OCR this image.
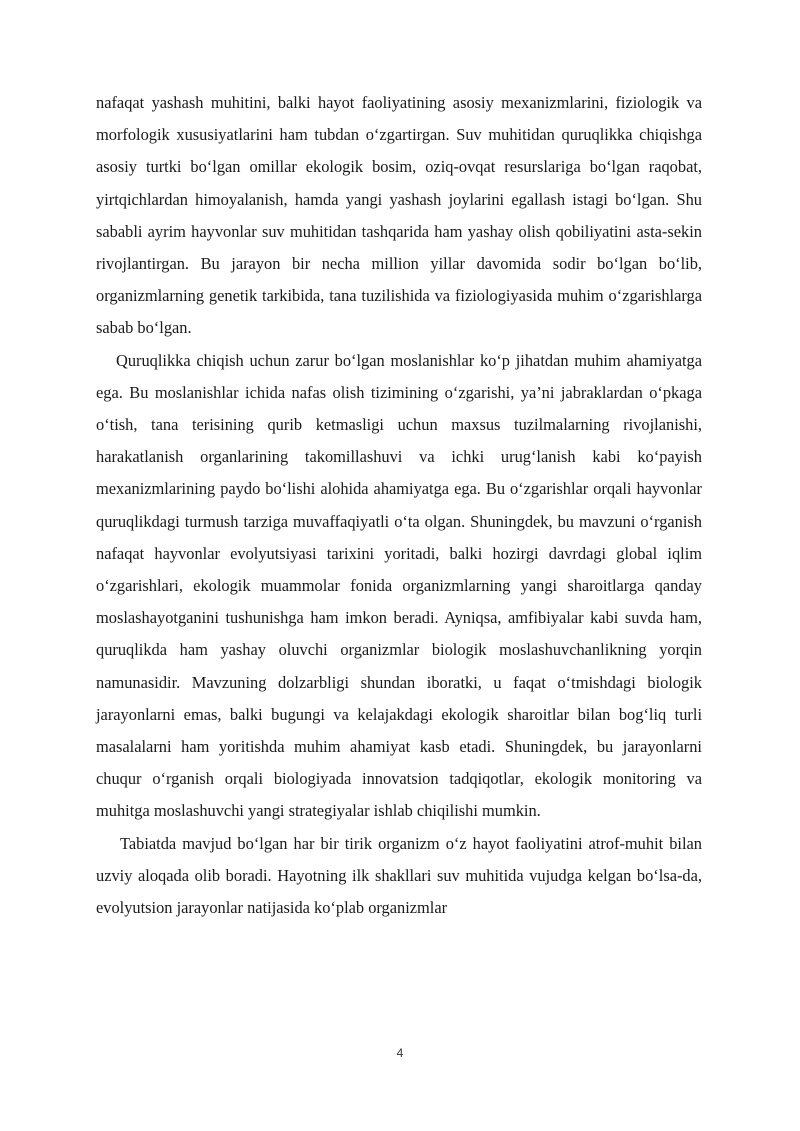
nafaqat yashash muhitini, balki hayot faoliyatining asosiy mexanizmlarini, fiziologik va morfologik xususiyatlarini ham tubdan o‘zgartirgan. Suv muhitidan quruqlikka chiqishga asosiy turtki bo‘lgan omillar ekologik bosim, oziq-ovqat resurslariga bo‘lgan raqobat, yirtqichlardan himoyalanish, hamda yangi yashash joylarini egallash istagi bo‘lgan. Shu sababli ayrim hayvonlar suv muhitidan tashqarida ham yashay olish qobiliyatini asta-sekin rivojlantirgan. Bu jarayon bir necha million yillar davomida sodir bo‘lgan bo‘lib, organizmlarning genetik tarkibida, tana tuzilishida va fiziologiyasida muhim o‘zgarishlarga sabab bo‘lgan.

Quruqlikka chiqish uchun zarur bo‘lgan moslanishlar ko‘p jihatdan muhim ahamiyatga ega. Bu moslanishlar ichida nafas olish tizimining o‘zgarishi, ya’ni jabraklardan o‘pkaga o‘tish, tana terisining qurib ketmasligi uchun maxsus tuzilmalarning rivojlanishi, harakatlanish organlarining takomillashuvi va ichki urug‘lanish kabi ko‘payish mexanizmlarining paydo bo‘lishi alohida ahamiyatga ega. Bu o‘zgarishlar orqali hayvonlar quruqlikdagi turmush tarziga muvaffaqiyatli o‘ta olgan. Shuningdek, bu mavzuni o‘rganish nafaqat hayvonlar evolyutsiyasi tarixini yoritadi, balki hozirgi davrdagi global iqlim o‘zgarishlari, ekologik muammolar fonida organizmlarning yangi sharoitlarga qanday moslashayotganini tushunishga ham imkon beradi. Ayniqsa, amfibiyalar kabi suvda ham, quruqlikda ham yashay oluvchi organizmlar biologik moslashuvchanlikning yorqin namunasidir. Mavzuning dolzarbligi shundan iboratki, u faqat o‘tmishdagi biologik jarayonlarni emas, balki bugungi va kelajakdagi ekologik sharoitlar bilan bog‘liq turli masalalarni ham yoritishda muhim ahamiyat kasb etadi. Shuningdek, bu jarayonlarni chuqur o‘rganish orqali biologiyada innovatsion tadqiqotlar, ekologik monitoring va muhitga moslashuvchi yangi strategiyalar ishlab chiqilishi mumkin.

Tabiatda mavjud bo‘lgan har bir tirik organizm o‘z hayot faoliyatini atrof-muhit bilan uzviy aloqada olib boradi. Hayotning ilk shakllari suv muhitida vujudga kelgan bo‘lsa-da, evolyutsion jarayonlar natijasida ko‘plab organizmlar

4
